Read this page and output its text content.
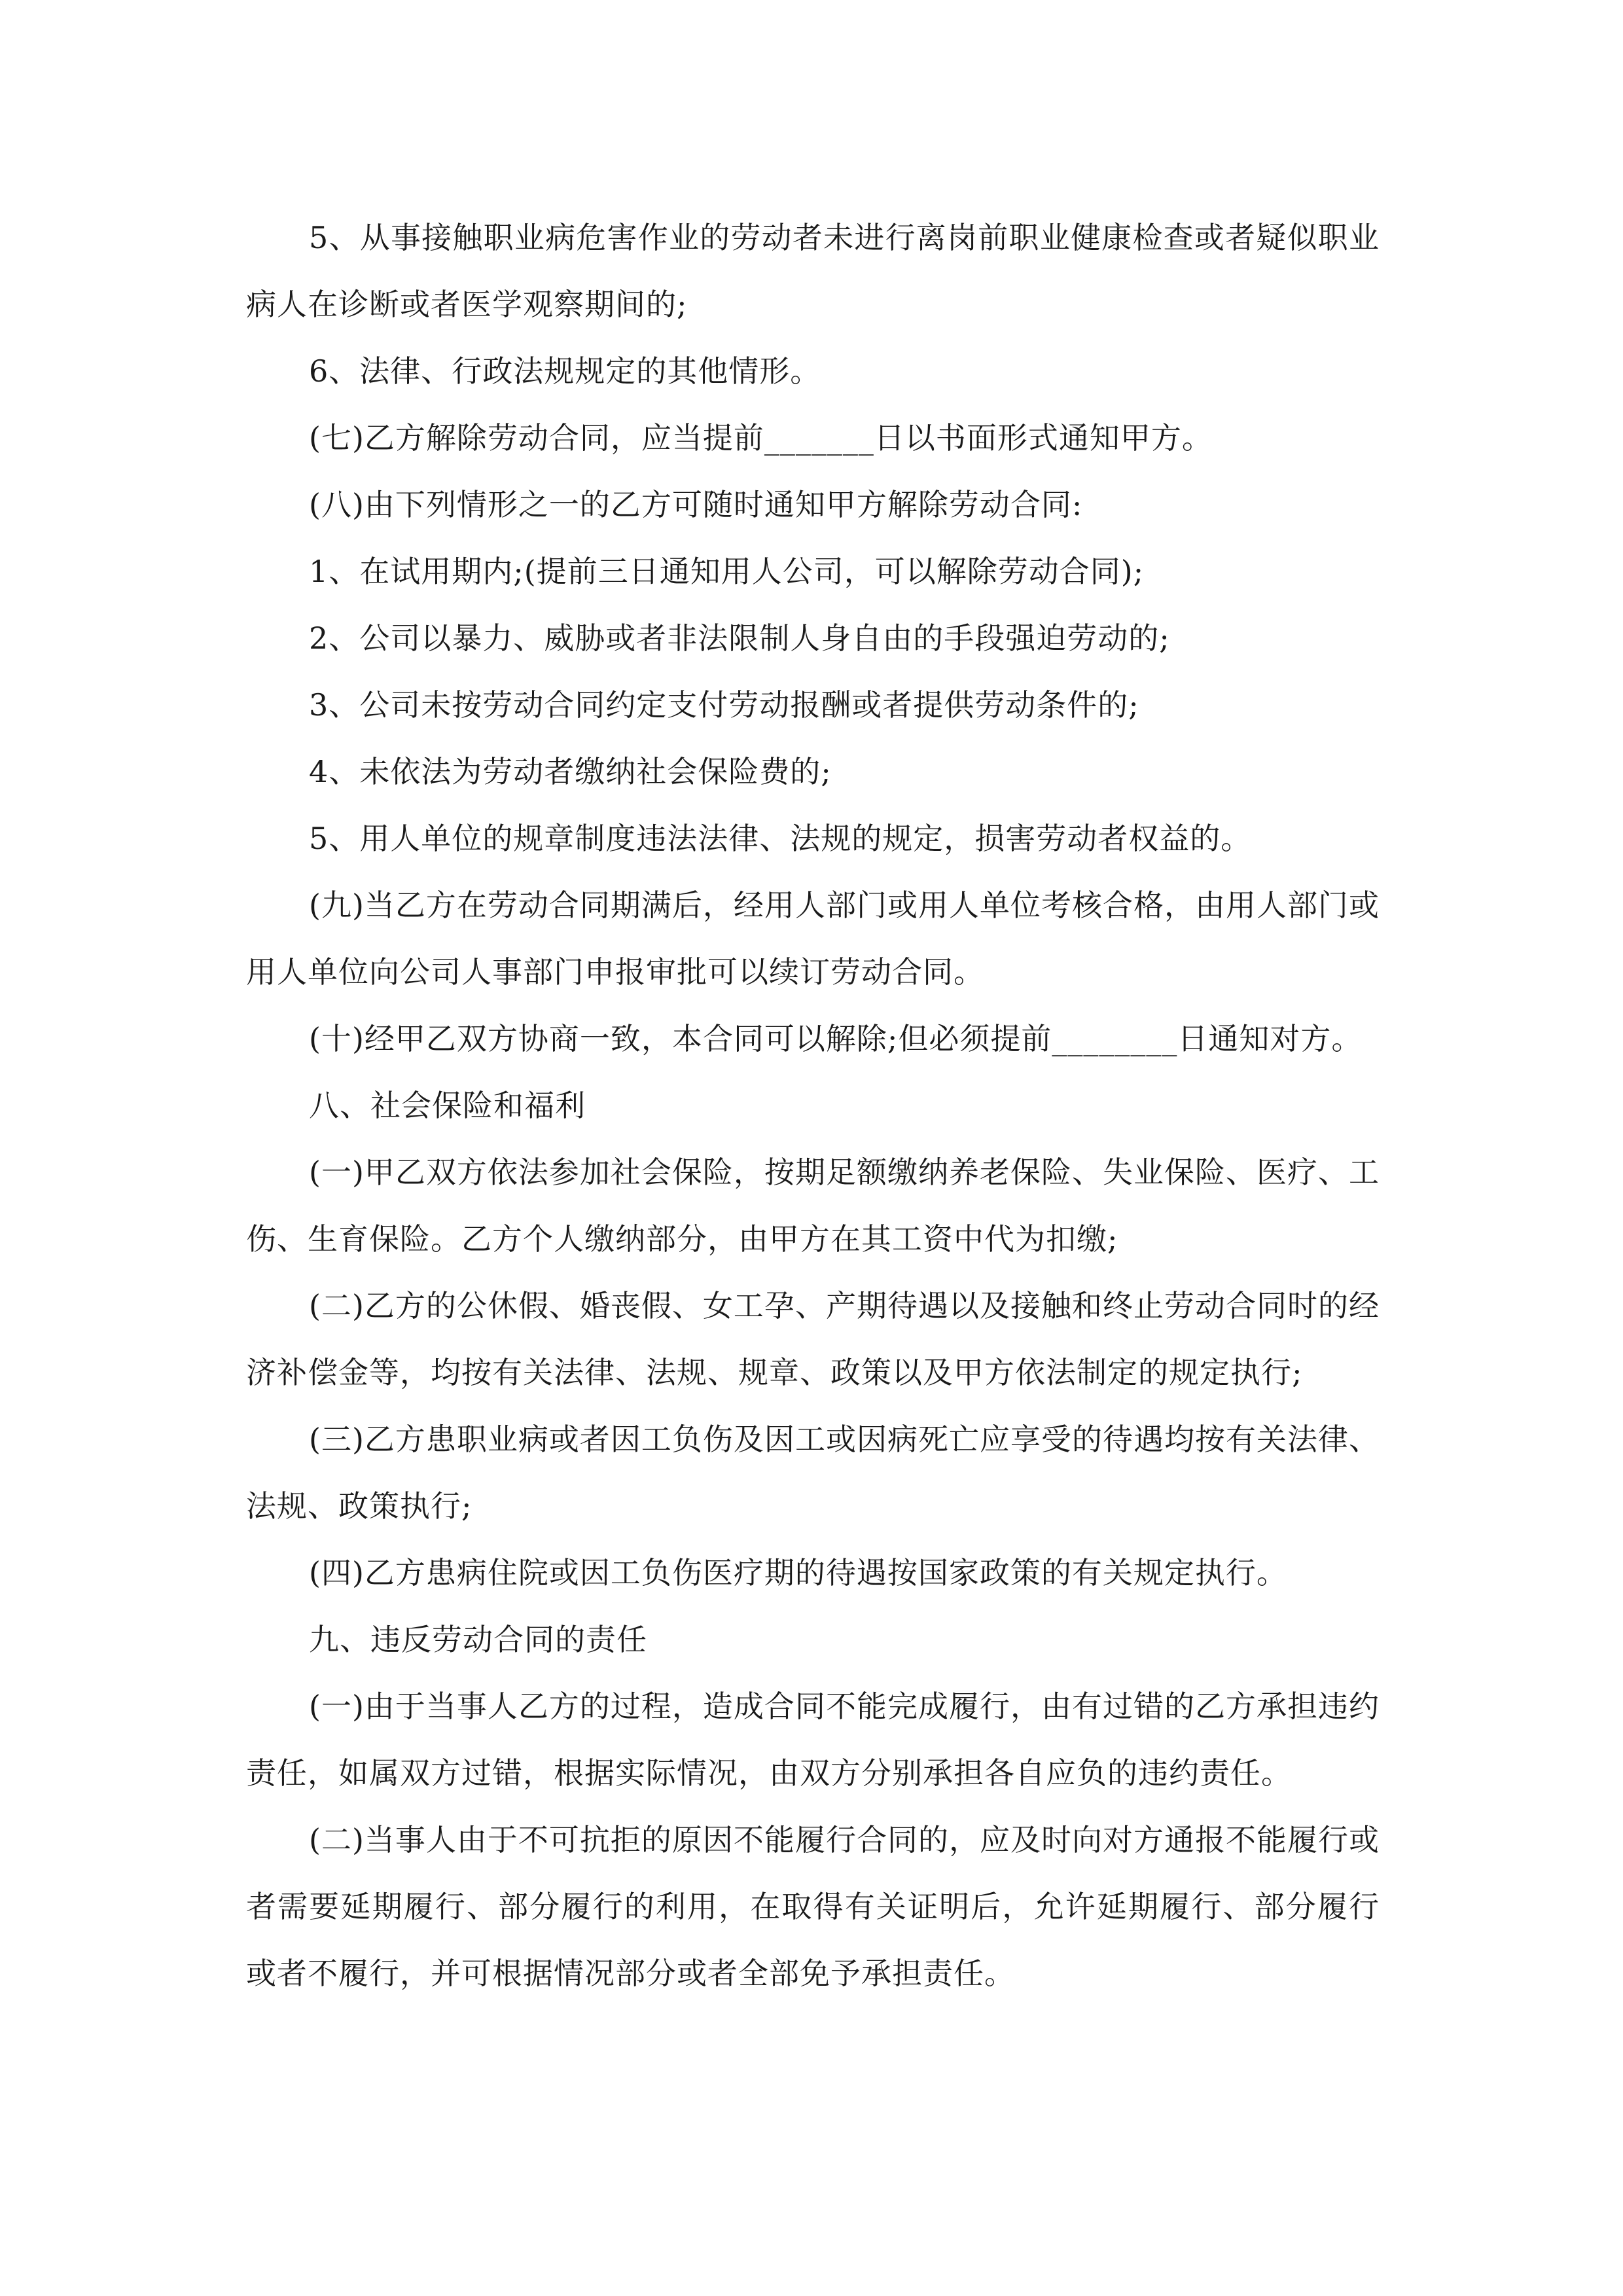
5、从事接触职业病危害作业的劳动者未进行离岗前职业健康检查或者疑似职业病人在诊断或者医学观察期间的;

6、法律、行政法规规定的其他情形。

(七)乙方解除劳动合同，应当提前_______日以书面形式通知甲方。

(八)由下列情形之一的乙方可随时通知甲方解除劳动合同:

1、在试用期内;(提前三日通知用人公司，可以解除劳动合同);

2、公司以暴力、威胁或者非法限制人身自由的手段强迫劳动的;

3、公司未按劳动合同约定支付劳动报酬或者提供劳动条件的;

4、未依法为劳动者缴纳社会保险费的;

5、用人单位的规章制度违法法律、法规的规定，损害劳动者权益的。

(九)当乙方在劳动合同期满后，经用人部门或用人单位考核合格，由用人部门或用人单位向公司人事部门申报审批可以续订劳动合同。

(十)经甲乙双方协商一致，本合同可以解除;但必须提前________日通知对方。

八、社会保险和福利

(一)甲乙双方依法参加社会保险，按期足额缴纳养老保险、失业保险、医疗、工伤、生育保险。乙方个人缴纳部分，由甲方在其工资中代为扣缴;

(二)乙方的公休假、婚丧假、女工孕、产期待遇以及接触和终止劳动合同时的经济补偿金等，均按有关法律、法规、规章、政策以及甲方依法制定的规定执行;

(三)乙方患职业病或者因工负伤及因工或因病死亡应享受的待遇均按有关法律、法规、政策执行;

(四)乙方患病住院或因工负伤医疗期的待遇按国家政策的有关规定执行。

九、违反劳动合同的责任

(一)由于当事人乙方的过程，造成合同不能完成履行，由有过错的乙方承担违约责任，如属双方过错，根据实际情况，由双方分别承担各自应负的违约责任。

(二)当事人由于不可抗拒的原因不能履行合同的，应及时向对方通报不能履行或者需要延期履行、部分履行的利用，在取得有关证明后，允许延期履行、部分履行或者不履行，并可根据情况部分或者全部免予承担责任。
